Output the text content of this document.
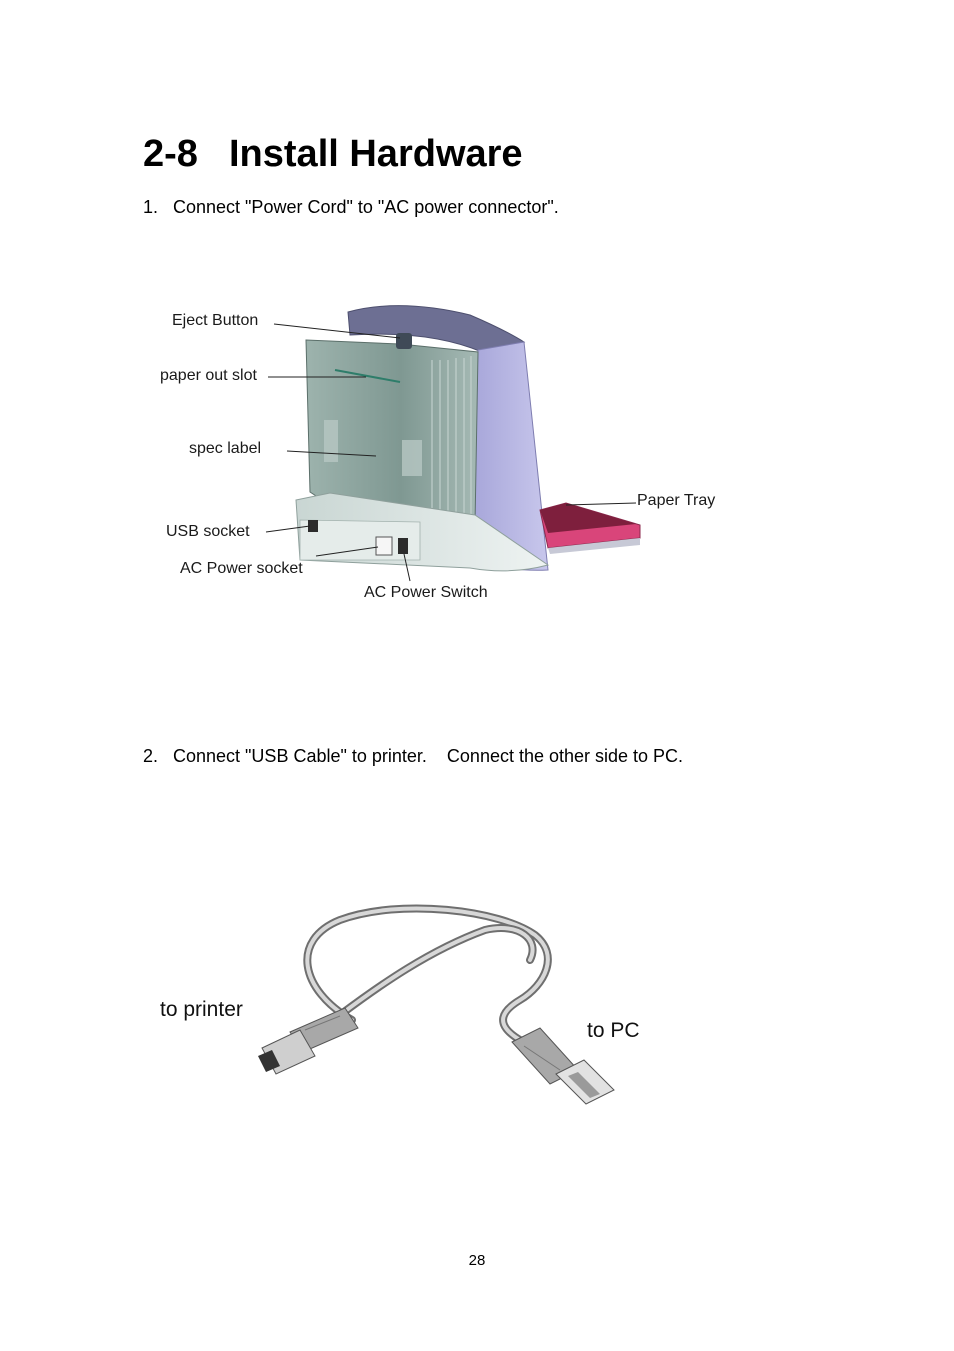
2-8 Install Hardware
1. Connect "Power Cord" to "AC power connector".
Eject Button
paper out slot
spec label
Paper Tray
USB socket
AC Power socket
AC Power Switch
2. Connect "USB Cable" to printer. Connect the other side to PC.
to printer
to PC
28
